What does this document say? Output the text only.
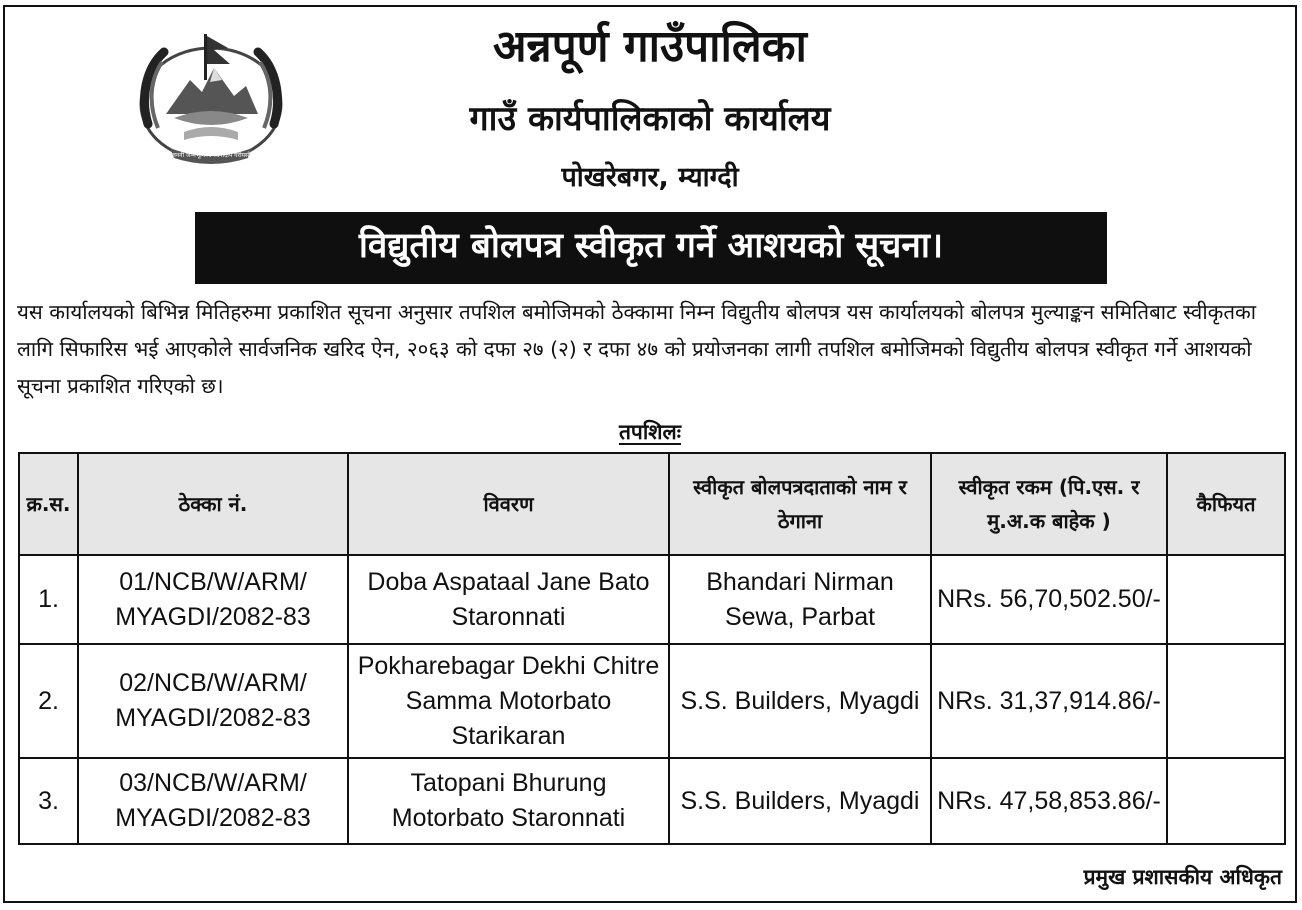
जननी जन्मभूमिश्च स्वर्गादपि गरीयसी
अन्नपूर्ण गाउँपालिका
गाउँ कार्यपालिकाको कार्यालय
पोखरेबगर, म्याग्दी
विद्युतीय बोलपत्र स्वीकृत गर्ने आशयको सूचना।

यस कार्यालयको बिभिन्न मितिहरुमा प्रकाशित सूचना अनुसार तपशिल बमोजिमको ठेक्कामा निम्न विद्युतीय बोलपत्र यस कार्यालयको बोलपत्र मुल्याङ्कन समितिबाट स्वीकृतका लागि सिफारिस भई आएकोले सार्वजनिक खरिद ऐन, २०६३ को दफा २७ (२) र दफा ४७ को प्रयोजनका लागी तपशिल बमोजिमको विद्युतीय बोलपत्र स्वीकृत गर्ने आशयको सूचना प्रकाशित गरिएको छ।

तपशिलः
क्र.स.	ठेक्का नं.	विवरण	स्वीकृत बोलपत्रदाताको नाम र ठेगाना	स्वीकृत रकम (पि.एस. र मु.अ.क बाहेक )	कैफियत
1.	01/NCB/W/ARM/ MYAGDI/2082-83	Doba Aspataal Jane Bato Staronnati	Bhandari Nirman Sewa, Parbat	NRs. 56,70,502.50/-	
2.	02/NCB/W/ARM/ MYAGDI/2082-83	Pokharebagar Dekhi Chitre Samma Motorbato Starikaran	S.S. Builders, Myagdi	NRs. 31,37,914.86/-	
3.	03/NCB/W/ARM/ MYAGDI/2082-83	Tatopani Bhurung Motorbato Staronnati	S.S. Builders, Myagdi	NRs. 47,58,853.86/-	
प्रमुख प्रशासकीय अधिकृत
